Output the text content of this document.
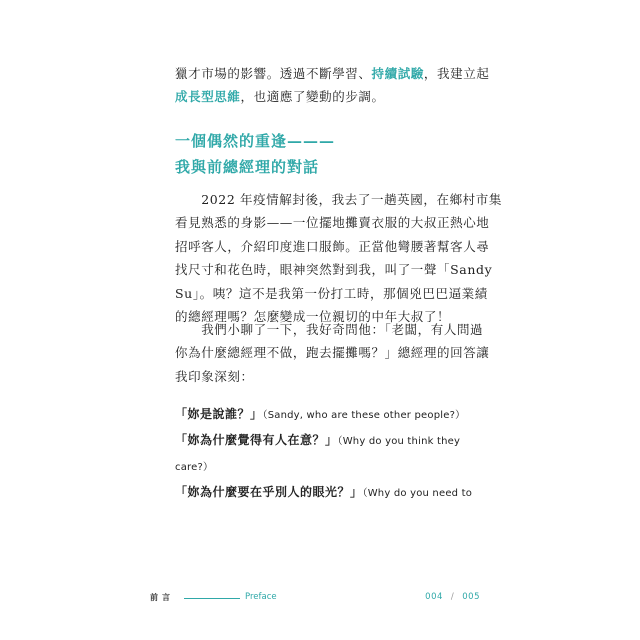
獵才市場的影響。透過不斷學習、持續試驗，我建立起
成長型思維，也適應了變動的步調。

一個偶然的重逢———
我與前總經理的對話

　　2022 年疫情解封後，我去了一趟英國，在鄉村市集
看見熟悉的身影——一位擺地攤賣衣服的大叔正熱心地
招呼客人，介紹印度進口服飾。正當他彎腰著幫客人尋
找尺寸和花色時，眼神突然對到我，叫了一聲「Sandy
Su」。咦？這不是我第一份打工時，那個兇巴巴逼業績
的總經理嗎？怎麼變成一位親切的中年大叔了！

　　我們小聊了一下，我好奇問他：「老闆，有人問過
你為什麼總經理不做，跑去擺攤嗎？」總經理的回答讓
我印象深刻：

「妳是說誰？」（Sandy, who are these other people?）
「妳為什麼覺得有人在意？」（Why do you think they
care?）
「妳為什麼要在乎別人的眼光？」（Why do you need to
前言	Preface	004 / 005
